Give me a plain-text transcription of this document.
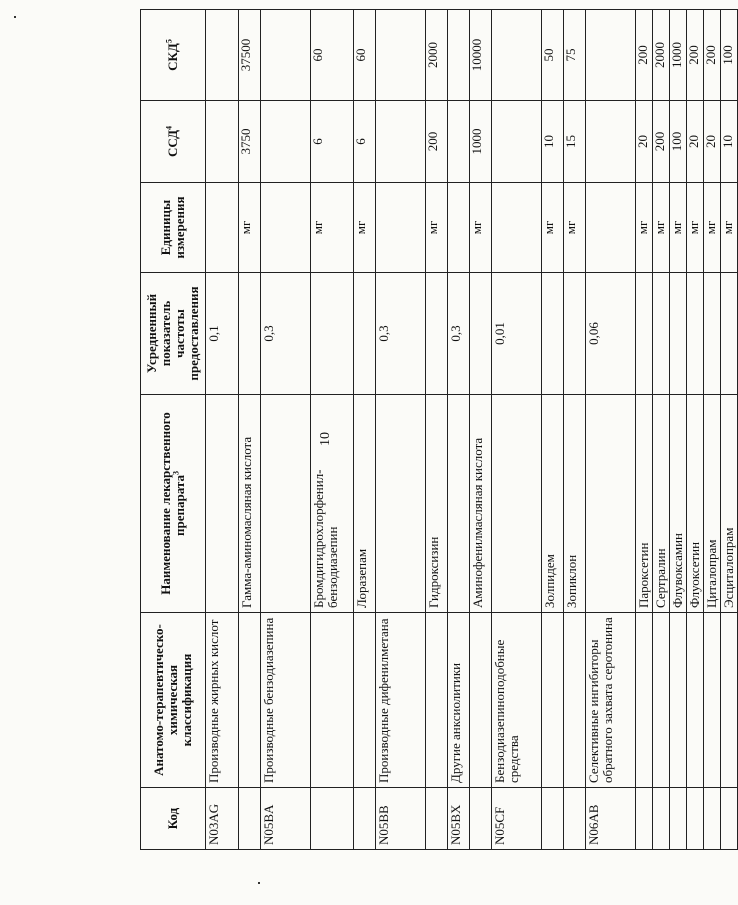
10
Код	Анатомо-терапевтическо-химическая классификация	Наименование лекарственного препарата$^3$	Усредненный показатель частоты предоставления	Единицы измерения	ССД$^4$	СКД$^5$
N03AG	Производные жирных кислот		0,1			
		Гамма-аминомасляная кислота		мг	3750	37500
N05BA	Производные бензодиазепина		0,3			
		Бромдигидрохлорфенил-бензодиазепин		мг	6	60
		Лоразепам		мг	6	60
N05BB	Производные дифенилметана		0,3			
		Гидроксизин		мг	200	2000
N05BX	Другие анксиолитики		0,3			
		Аминофенилмасляная кислота		мг	1000	10000
N05CF	Бензодиазепиноподобные средства		0,01			
		Золпидем		мг	10	50
		Зопиклон		мг	15	75
N06AB	Селективные ингибиторы обратного захвата серотонина		0,06			
		Пароксетин		мг	20	200
		Сертралин		мг	200	2000
		Флувоксамин		мг	100	1000
		Флуоксетин		мг	20	200
		Циталопрам		мг	20	200
		Эсциталопрам		мг	10	100
